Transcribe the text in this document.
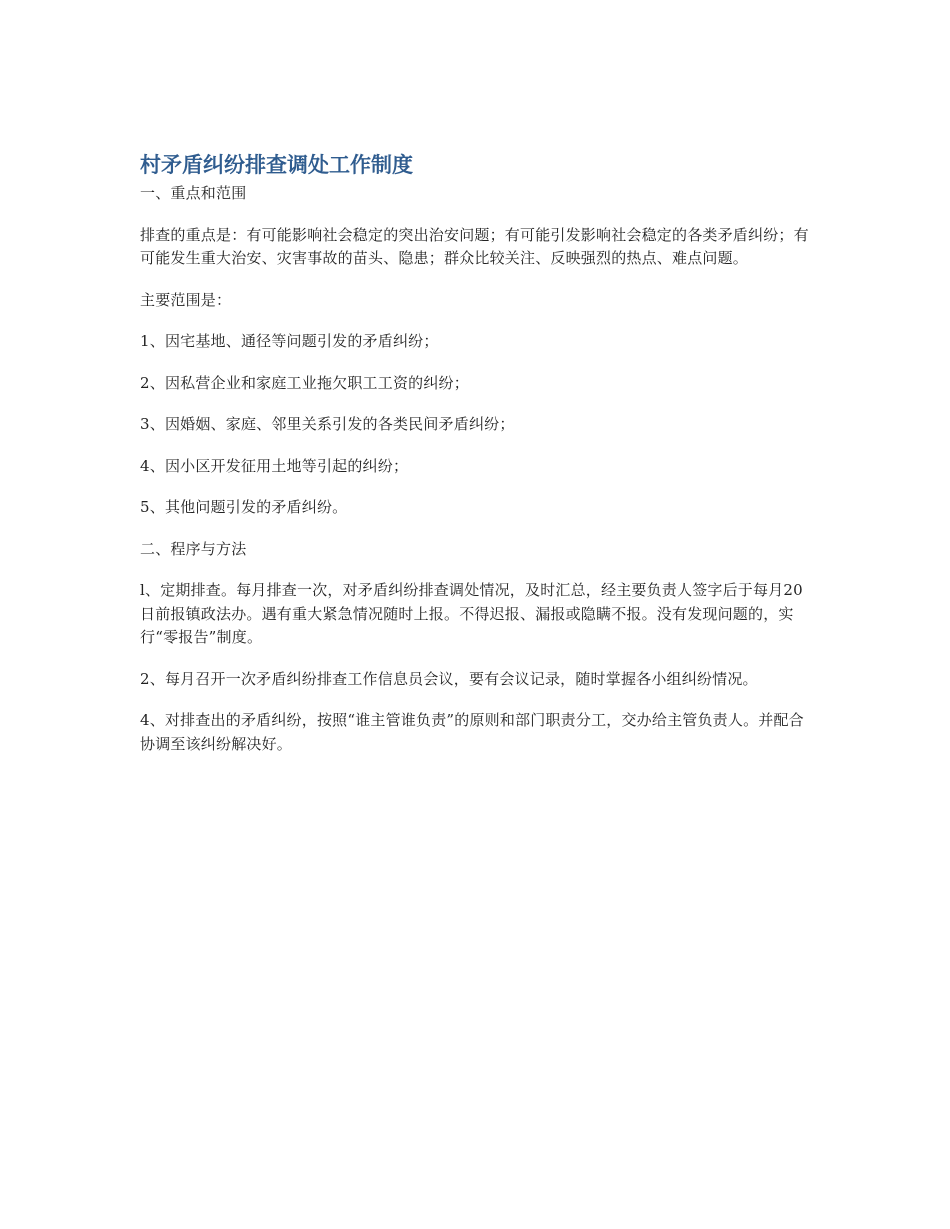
村矛盾纠纷排查调处工作制度

一、重点和范围

排查的重点是：有可能影响社会稳定的突出治安问题；有可能引发影响社会稳定的各类矛盾纠纷；有可能发生重大治安、灾害事故的苗头、隐患；群众比较关注、反映强烈的热点、难点问题。

主要范围是：

1、因宅基地、通径等问题引发的矛盾纠纷；

2、因私营企业和家庭工业拖欠职工工资的纠纷；

3、因婚姻、家庭、邻里关系引发的各类民间矛盾纠纷；

4、因小区开发征用土地等引起的纠纷；

5、其他问题引发的矛盾纠纷。

二、程序与方法

l、定期排查。每月排查一次，对矛盾纠纷排查调处情况，及时汇总，经主要负责人签字后于每月20日前报镇政法办。遇有重大紧急情况随时上报。不得迟报、漏报或隐瞒不报。没有发现问题的，实行“零报告”制度。

2、每月召开一次矛盾纠纷排查工作信息员会议，要有会议记录，随时掌握各小组纠纷情况。

4、对排查出的矛盾纠纷，按照“谁主管谁负责”的原则和部门职责分工，交办给主管负责人。并配合协调至该纠纷解决好。
